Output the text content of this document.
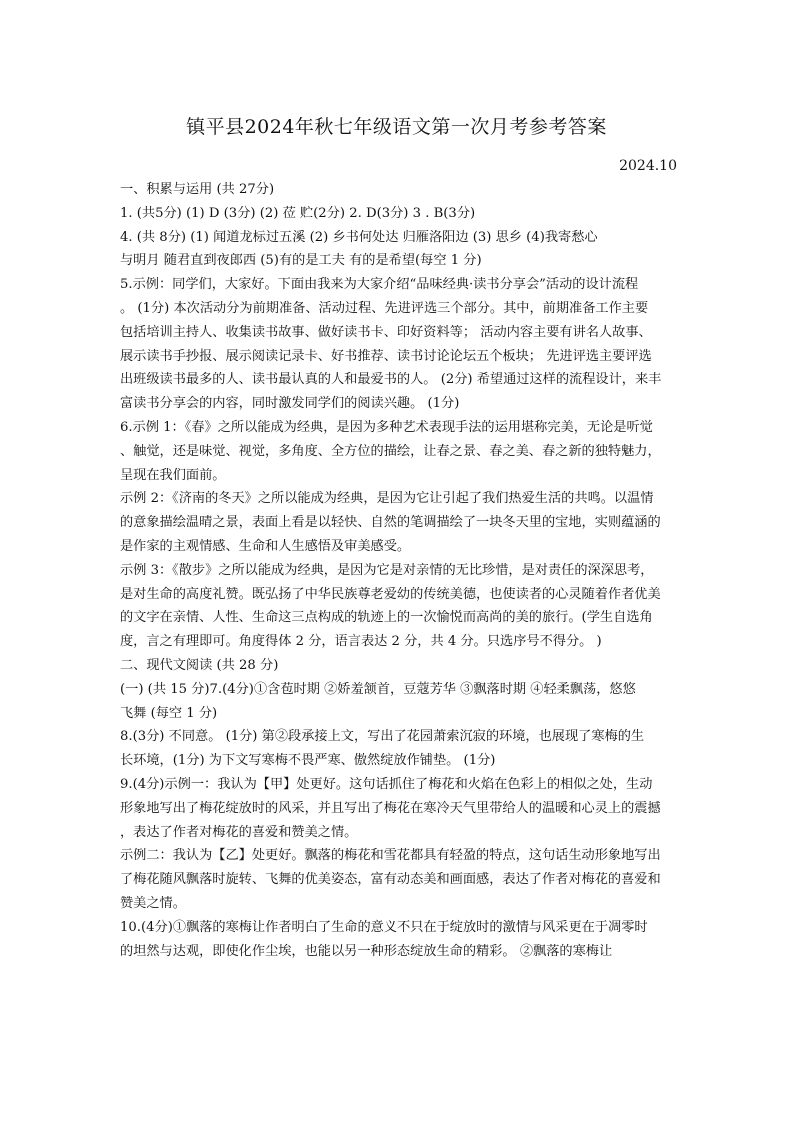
镇平县2024年秋七年级语文第一次月考参考答案
2024.10

一、积累与运用 (共 27分)

1. (共5分) (1) D (3分) (2) 莅 贮(2分) 2. D(3分) 3 . B(3分)

4. (共 8分) (1) 闻道龙标过五溪 (2) 乡书何处达 归雁洛阳边 (3) 思乡 (4)我寄愁心

与明月 随君直到夜郎西 (5)有的是工夫 有的是希望(每空 1 分)

5.示例：同学们，大家好。下面由我来为大家介绍“品味经典·读书分享会”活动的设计流程

。 (1分) 本次活动分为前期准备、活动过程、先进评选三个部分。其中，前期准备工作主要

包括培训主持人、收集读书故事、做好读书卡、印好资料等； 活动内容主要有讲名人故事、

展示读书手抄报、展示阅读记录卡、好书推荐、读书讨论论坛五个板块； 先进评选主要评选

出班级读书最多的人、读书最认真的人和最爱书的人。 (2分) 希望通过这样的流程设计，来丰

富读书分享会的内容，同时激发同学们的阅读兴趣。 (1分)

6.示例 1：《春》之所以能成为经典，是因为多种艺术表现手法的运用堪称完美，无论是听觉

、触觉，还是味觉、视觉，多角度、全方位的描绘，让春之景、春之美、春之新的独特魅力，

呈现在我们面前。

示例 2：《济南的冬天》之所以能成为经典，是因为它让引起了我们热爱生活的共鸣。以温情

的意象描绘温晴之景，表面上看是以轻快、自然的笔调描绘了一块冬天里的宝地，实则蕴涵的

是作家的主观情感、生命和人生感悟及审美感受。

示例 3：《散步》之所以能成为经典，是因为它是对亲情的无比珍惜，是对责任的深深思考，

是对生命的高度礼赞。既弘扬了中华民族尊老爱幼的传统美德，也使读者的心灵随着作者优美

的文字在亲情、人性、生命这三点构成的轨迹上的一次愉悦而高尚的美的旅行。(学生自选角

度，言之有理即可。角度得体 2 分，语言表达 2 分，共 4 分。只选序号不得分。 )

二、现代文阅读 (共 28 分)

(一) (共 15 分)7.(4分)①含苞时期 ②娇羞颔首，豆蔻芳华 ③飘落时期 ④轻柔飘荡，悠悠

飞舞 (每空 1 分)

8.(3分) 不同意。 (1分) 第②段承接上文，写出了花园萧索沉寂的环境，也展现了寒梅的生

长环境，(1分) 为下文写寒梅不畏严寒、傲然绽放作铺垫。 (1分)

9.(4分)示例一：我认为【甲】处更好。这句话抓住了梅花和火焰在色彩上的相似之处，生动

形象地写出了梅花绽放时的风采，并且写出了梅花在寒冷天气里带给人的温暖和心灵上的震撼

，表达了作者对梅花的喜爱和赞美之情。

示例二：我认为【乙】处更好。飘落的梅花和雪花都具有轻盈的特点，这句话生动形象地写出

了梅花随风飘落时旋转、飞舞的优美姿态，富有动态美和画面感，表达了作者对梅花的喜爱和

赞美之情。

10.(4分)①飘落的寒梅让作者明白了生命的意义不只在于绽放时的激情与风采更在于凋零时

的坦然与达观，即使化作尘埃，也能以另一种形态绽放生命的精彩。 ②飘落的寒梅让
